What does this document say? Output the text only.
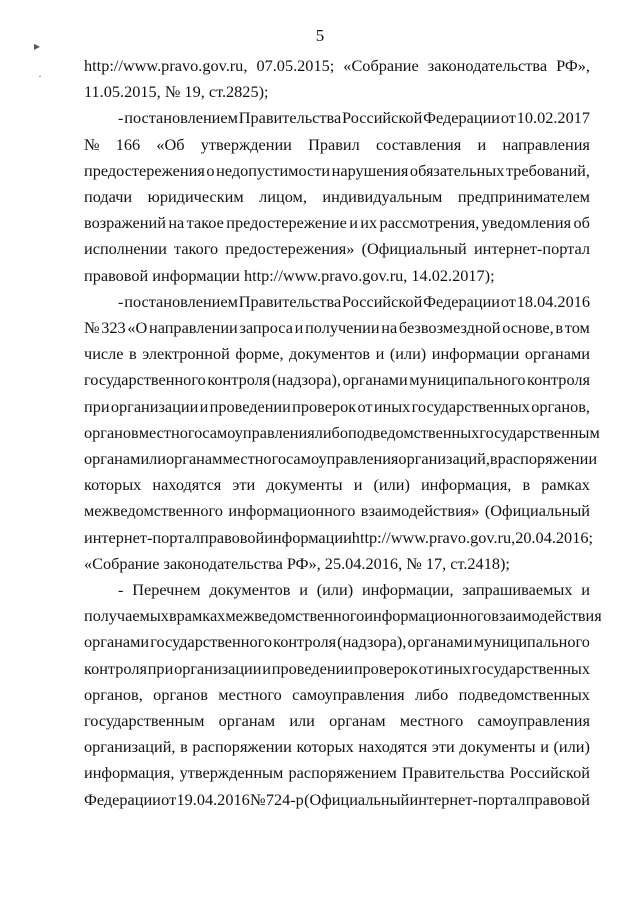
5
▸
·
http://www.pravo.gov.ru, 07.05.2015; «Собрание законодательства РФ»,
11.05.2015, № 19, ст.2825);
- постановлением Правительства Российской Федерации от 10.02.2017
№ 166 «Об утверждении Правил составления и направления
предостережения о недопустимости нарушения обязательных требований,
подачи юридическим лицом, индивидуальным предпринимателем
возражений на такое предостережение и их рассмотрения, уведомления об
исполнении такого предостережения» (Официальный интернет-портал
правовой информации http://www.pravo.gov.ru, 14.02.2017);
- постановлением Правительства Российской Федерации от 18.04.2016
№ 323 «О направлении запроса и получении на безвозмездной основе, в том
числе в электронной форме, документов и (или) информации органами
государственного контроля (надзора), органами муниципального контроля
при организации и проведении проверок от иных государственных органов,
органов местного самоуправления либо подведомственных государственным
органам или органам местного самоуправления организаций, в распоряжении
которых находятся эти документы и (или) информация, в рамках
межведомственного информационного взаимодействия» (Официальный
интернет-портал правовой информации http://www.pravo.gov.ru, 20.04.2016;
«Собрание законодательства РФ», 25.04.2016, № 17, ст.2418);
- Перечнем документов и (или) информации, запрашиваемых и
получаемых в рамках межведомственного информационного взаимодействия
органами государственного контроля (надзора), органами муниципального
контроля при организации и проведении проверок от иных государственных
органов, органов местного самоуправления либо подведомственных
государственным органам или органам местного самоуправления
организаций, в распоряжении которых находятся эти документы и (или)
информация, утвержденным распоряжением Правительства Российской
Федерации от 19.04.2016 № 724-р (Официальный интернет-портал правовой
